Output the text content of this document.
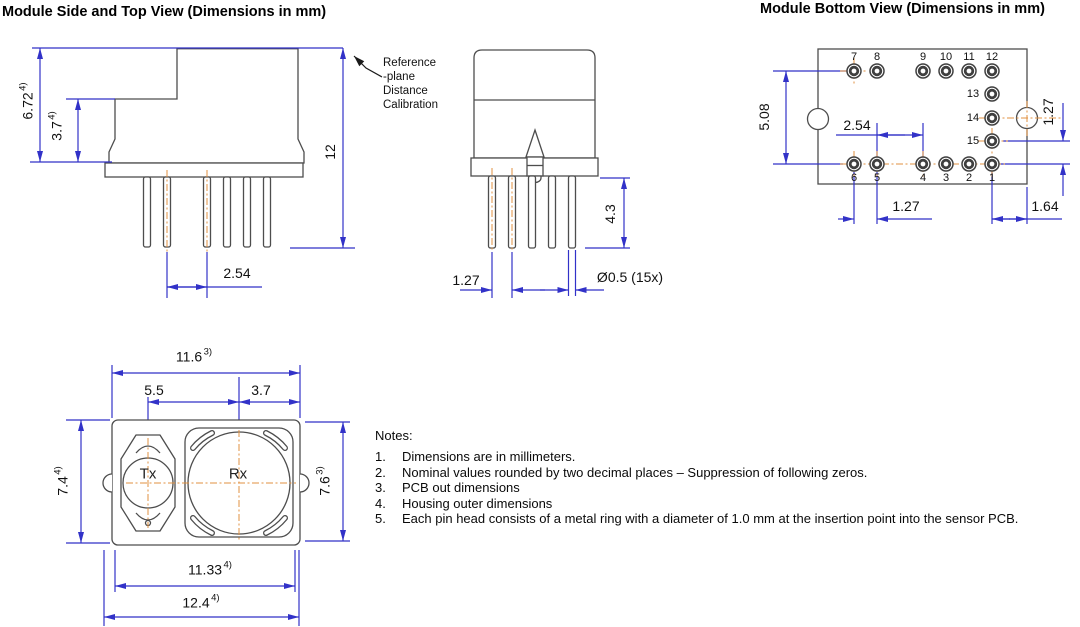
Module Side and Top View (Dimensions in mm)	Module Bottom View (Dimensions in mm)
6.72$^{4)}$
3.7$^{4)}$
12
2.54
Reference
-plane
Distance
Calibration
1.27
4.3
Ø0.5 (15x)
5.08	2.54	1.27
1.27	1.64
7 8	9 10 11 12
13
14
15
6 5	4 3 2 1
11.6 $^{3)}$
5.5	3.7
7.4$^{4)}$
7.6$^{3)}$
11.33 $^{4)}$
12.4 $^{4)}$
Tx	Rx
Notes:
1.	Dimensions are in millimeters.
2.	Nominal values rounded by two decimal places – Suppression of following zeros.
3.	PCB out dimensions
4.	Housing outer dimensions
5.	Each pin head consists of a metal ring with a diameter of 1.0 mm at the insertion point into the sensor PCB.
